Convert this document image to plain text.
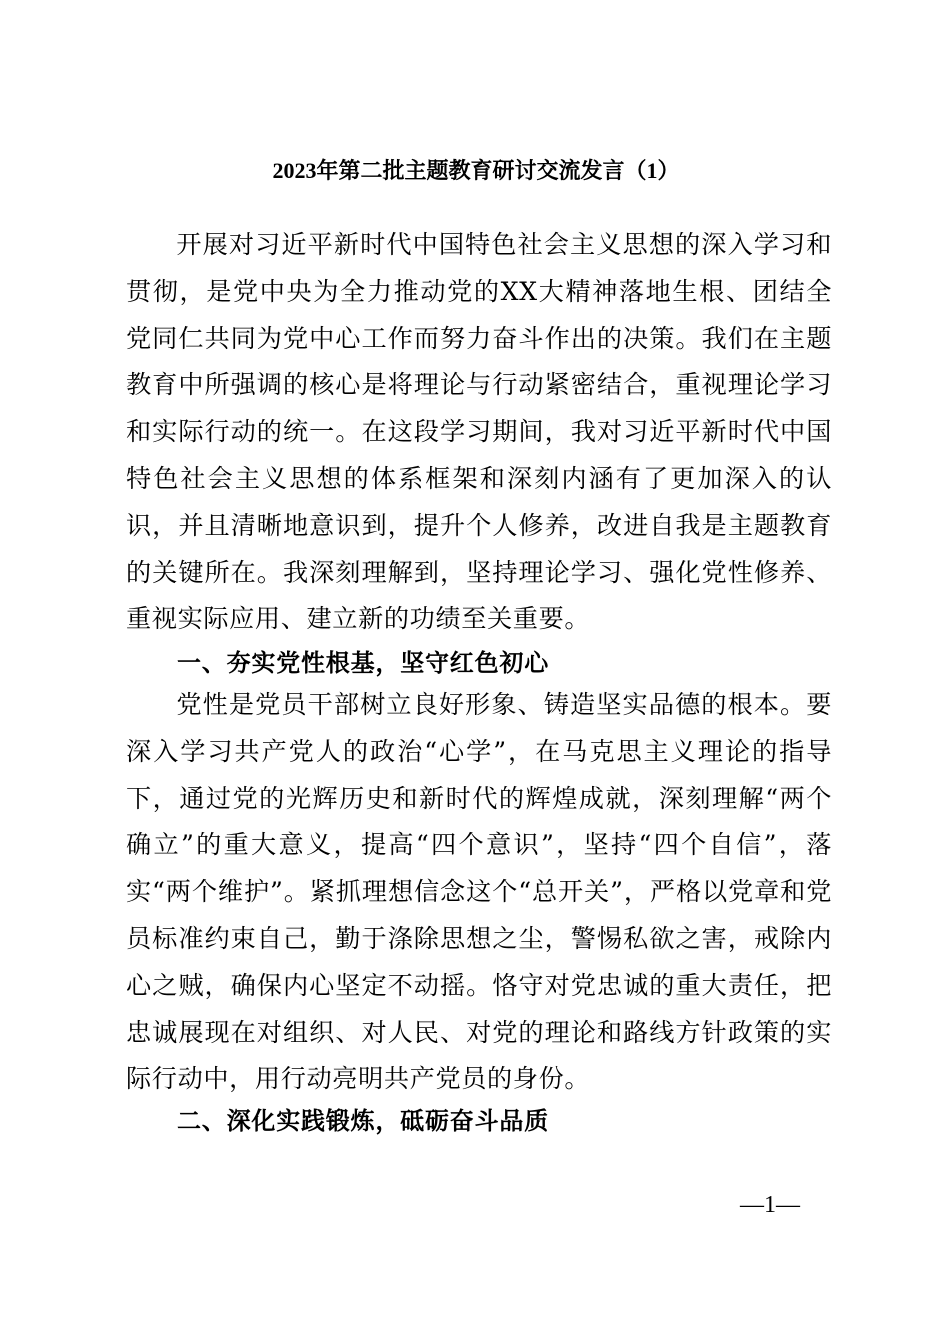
2023年第二批主题教育研讨交流发言（1）

开展对习近平新时代中国特色社会主义思想的深入学习和贯彻，是党中央为全力推动党的XX大精神落地生根、团结全党同仁共同为党中心工作而努力奋斗作出的决策。我们在主题教育中所强调的核心是将理论与行动紧密结合，重视理论学习和实际行动的统一。在这段学习期间，我对习近平新时代中国特色社会主义思想的体系框架和深刻内涵有了更加深入的认识，并且清晰地意识到，提升个人修养，改进自我是主题教育的关键所在。我深刻理解到，坚持理论学习、强化党性修养、重视实际应用、建立新的功绩至关重要。

一、夯实党性根基，坚守红色初心

党性是党员干部树立良好形象、铸造坚实品德的根本。要深入学习共产党人的政治“心学”，在马克思主义理论的指导下，通过党的光辉历史和新时代的辉煌成就，深刻理解“两个确立”的重大意义，提高“四个意识”，坚持“四个自信”，落实“两个维护”。紧抓理想信念这个“总开关”，严格以党章和党员标准约束自己，勤于涤除思想之尘，警惕私欲之害，戒除内心之贼，确保内心坚定不动摇。恪守对党忠诚的重大责任，把忠诚展现在对组织、对人民、对党的理论和路线方针政策的实际行动中，用行动亮明共产党员的身份。

二、深化实践锻炼，砥砺奋斗品质
—1—
